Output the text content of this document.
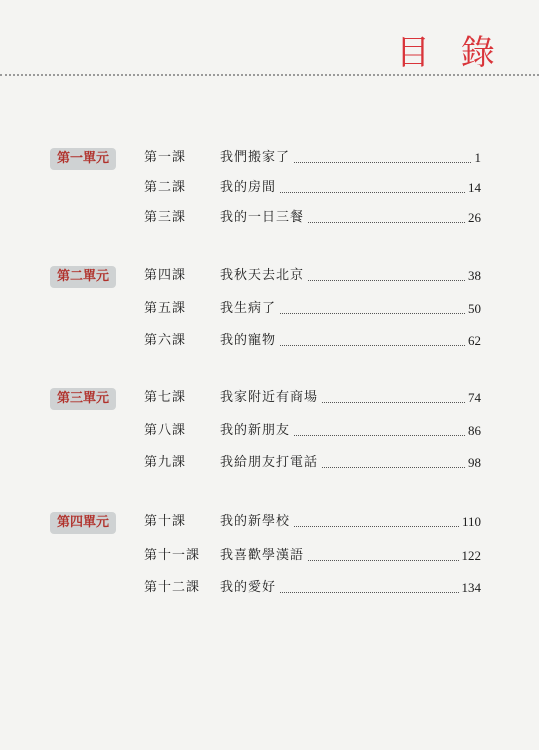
目 錄
第一單元	第一課	我們搬家了	1
第二課	我的房間	14
第三課	我的一日三餐	26
第二單元	第四課	我秋天去北京	38
第五課	我生病了	50
第六課	我的寵物	62
第三單元	第七課	我家附近有商場	74
第八課	我的新朋友	86
第九課	我給朋友打電話	98
第四單元	第十課	我的新學校	110
第十一課 我喜歡學漢語	122
第十二課 我的愛好	134
